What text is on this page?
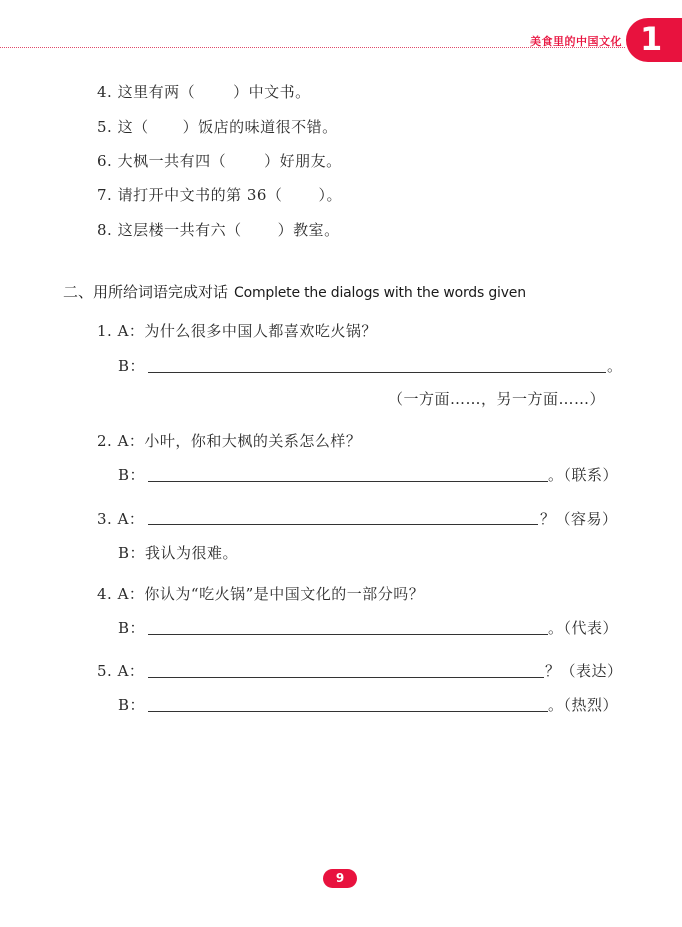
美食里的中国文化 1
4. 这里有两（	）中文书。
5. 这（ ）饭店的味道很不错。
6. 大枫一共有四（	）好朋友。
7. 请打开中文书的第 36（ ）。
8. 这层楼一共有六（ ）教室。
二、用所给词语完成对话 Complete the dialogs with the words given
1. A：为什么很多中国人都喜欢吃火锅？
B：	。
（一方面……，另一方面……）
2. A：小叶，你和大枫的关系怎么样？
B：	。（联系）
3. A：	？（容易）
B：我认为很难。
4. A：你认为“吃火锅”是中国文化的一部分吗？
B：	。（代表）
5. A：	？（表达）
B：	。（热烈）
9
